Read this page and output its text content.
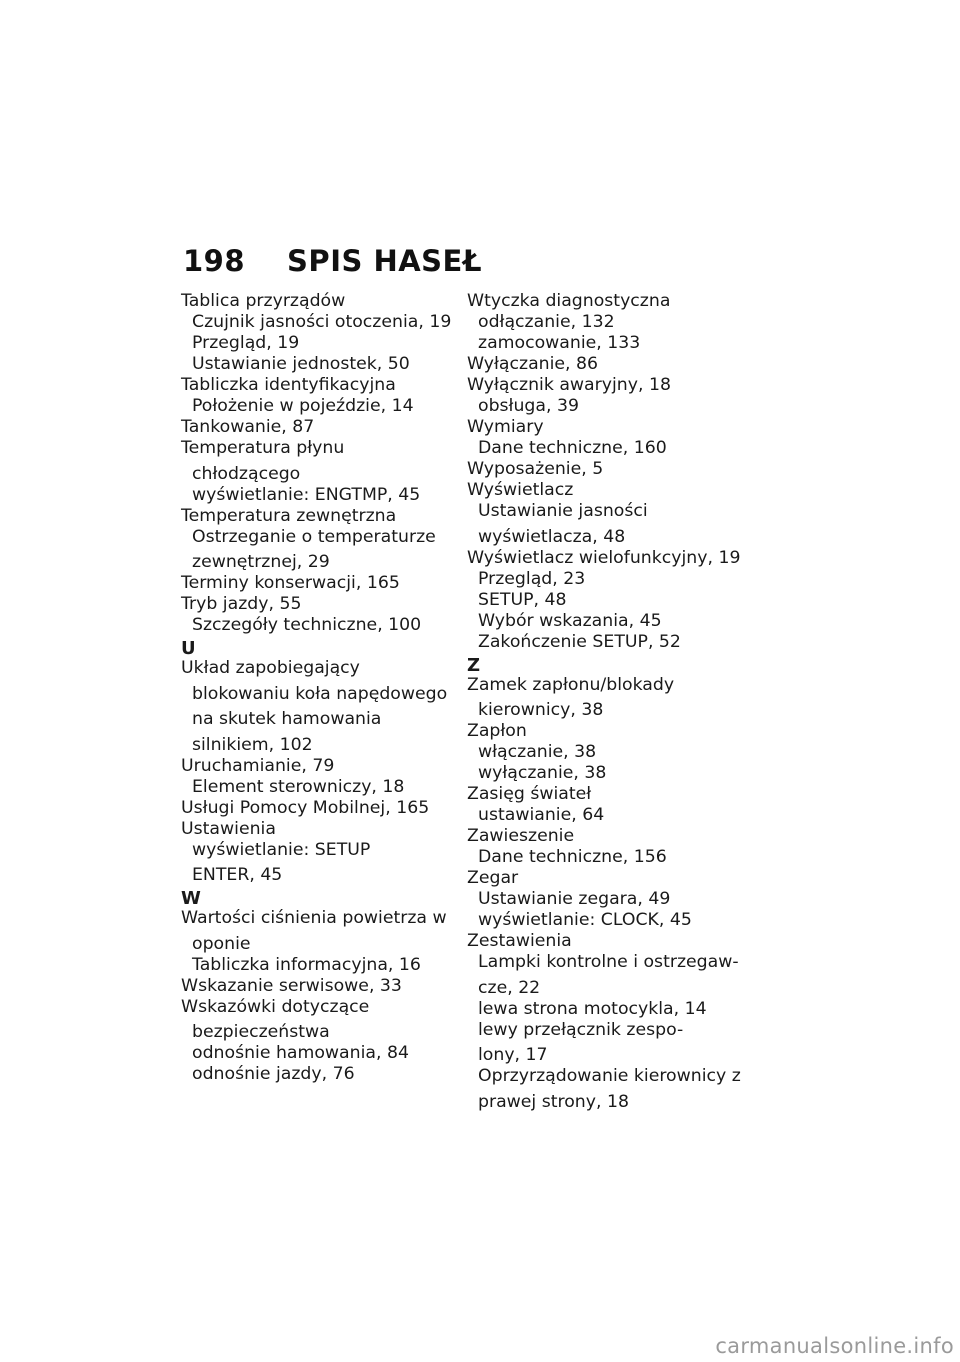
198 SPIS HASEŁ
Tablica przyrządów
Czujnik jasności otoczenia, 19
Przegląd, 19
Ustawianie jednostek, 50
Tabliczka identyfikacyjna
Położenie w pojeździe, 14
Tankowanie, 87
Temperatura płynu
chłodzącego
wyświetlanie: ENGTMP, 45
Temperatura zewnętrzna
Ostrzeganie o temperaturze
zewnętrznej, 29
Terminy konserwacji, 165
Tryb jazdy, 55
Szczegóły techniczne, 100
U
Układ zapobiegający
blokowaniu koła napędowego
na skutek hamowania
silnikiem, 102
Uruchamianie, 79
Element sterowniczy, 18
Usługi Pomocy Mobilnej, 165
Ustawienia
wyświetlanie: SETUP
ENTER, 45
W
Wartości ciśnienia powietrza w
oponie
Tabliczka informacyjna, 16
Wskazanie serwisowe, 33
Wskazówki dotyczące
bezpieczeństwa
odnośnie hamowania, 84
odnośnie jazdy, 76
Wtyczka diagnostyczna
odłączanie, 132
zamocowanie, 133
Wyłączanie, 86
Wyłącznik awaryjny, 18
obsługa, 39
Wymiary
Dane techniczne, 160
Wyposażenie, 5
Wyświetlacz
Ustawianie jasności
wyświetlacza, 48
Wyświetlacz wielofunkcyjny, 19
Przegląd, 23
SETUP, 48
Wybór wskazania, 45
Zakończenie SETUP, 52
Z
Zamek zapłonu/blokady
kierownicy, 38
Zapłon
włączanie, 38
wyłączanie, 38
Zasięg świateł
ustawianie, 64
Zawieszenie
Dane techniczne, 156
Zegar
Ustawianie zegara, 49
wyświetlanie: CLOCK, 45
Zestawienia
Lampki kontrolne i ostrzegaw-
cze, 22
lewa strona motocykla, 14
lewy przełącznik zespo-
lony, 17
Oprzyrządowanie kierownicy z
prawej strony, 18
carmanualsonline.info
